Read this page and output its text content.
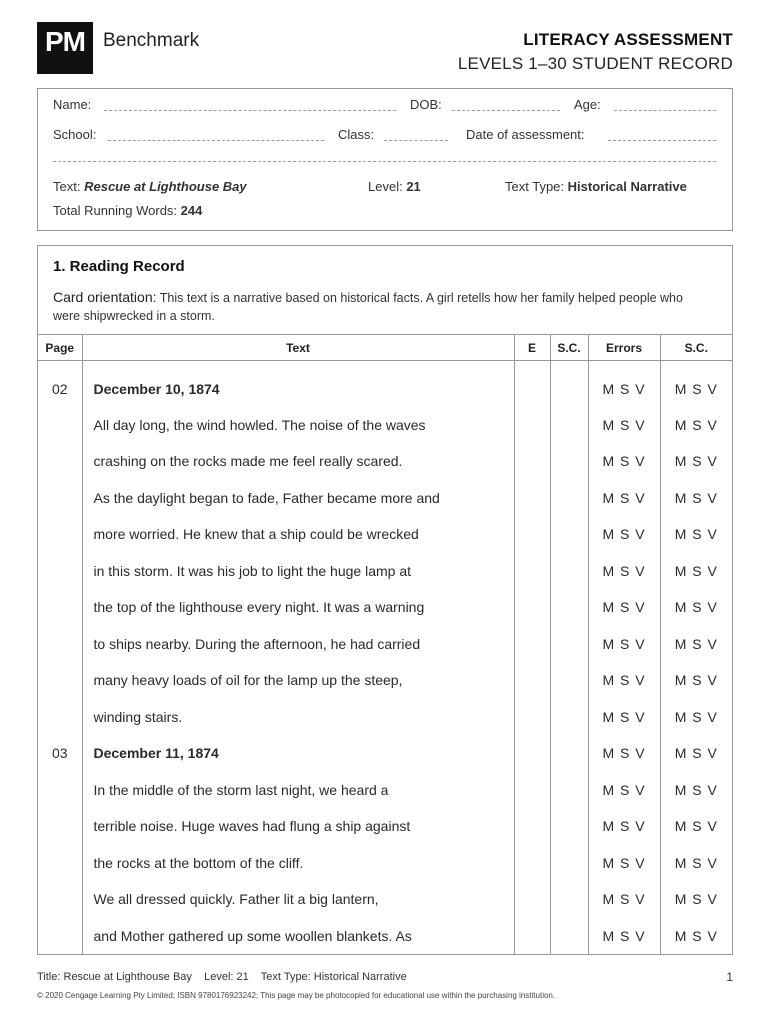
PM Benchmark	LITERACY ASSESSMENT
LEVELS 1–30 STUDENT RECORD
Name:	DOB:	Age:
School:	Class:	Date of assessment:
Text: Rescue at Lighthouse Bay	Level: 21	Text Type: Historical Narrative
Total Running Words: 244
1. Reading Record
Card orientation: This text is a narrative based on historical facts. A girl retells how her family helped people who were shipwrecked in a storm.
Page	Text	E	S.C.	Errors	S.C.
02	December 10, 1874			M S V	M S V
	All day long, the wind howled. The noise of the waves			M S V	M S V
	crashing on the rocks made me feel really scared.			M S V	M S V
	As the daylight began to fade, Father became more and			M S V	M S V
	more worried. He knew that a ship could be wrecked			M S V	M S V
	in this storm. It was his job to light the huge lamp at			M S V	M S V
	the top of the lighthouse every night. It was a warning			M S V	M S V
	to ships nearby. During the afternoon, he had carried			M S V	M S V
	many heavy loads of oil for the lamp up the steep,			M S V	M S V
	winding stairs.			M S V	M S V
03	December 11, 1874			M S V	M S V
	In the middle of the storm last night, we heard a			M S V	M S V
	terrible noise. Huge waves had flung a ship against			M S V	M S V
	the rocks at the bottom of the cliff.			M S V	M S V
	We all dressed quickly. Father lit a big lantern,			M S V	M S V
	and Mother gathered up some woollen blankets. As			M S V	M S V
Title: Rescue at Lighthouse Bay    Level: 21    Text Type: Historical Narrative	1
© 2020 Cengage Learning Pty Limited; ISBN 9780176923242; This page may be photocopied for educational use within the purchasing institution.
